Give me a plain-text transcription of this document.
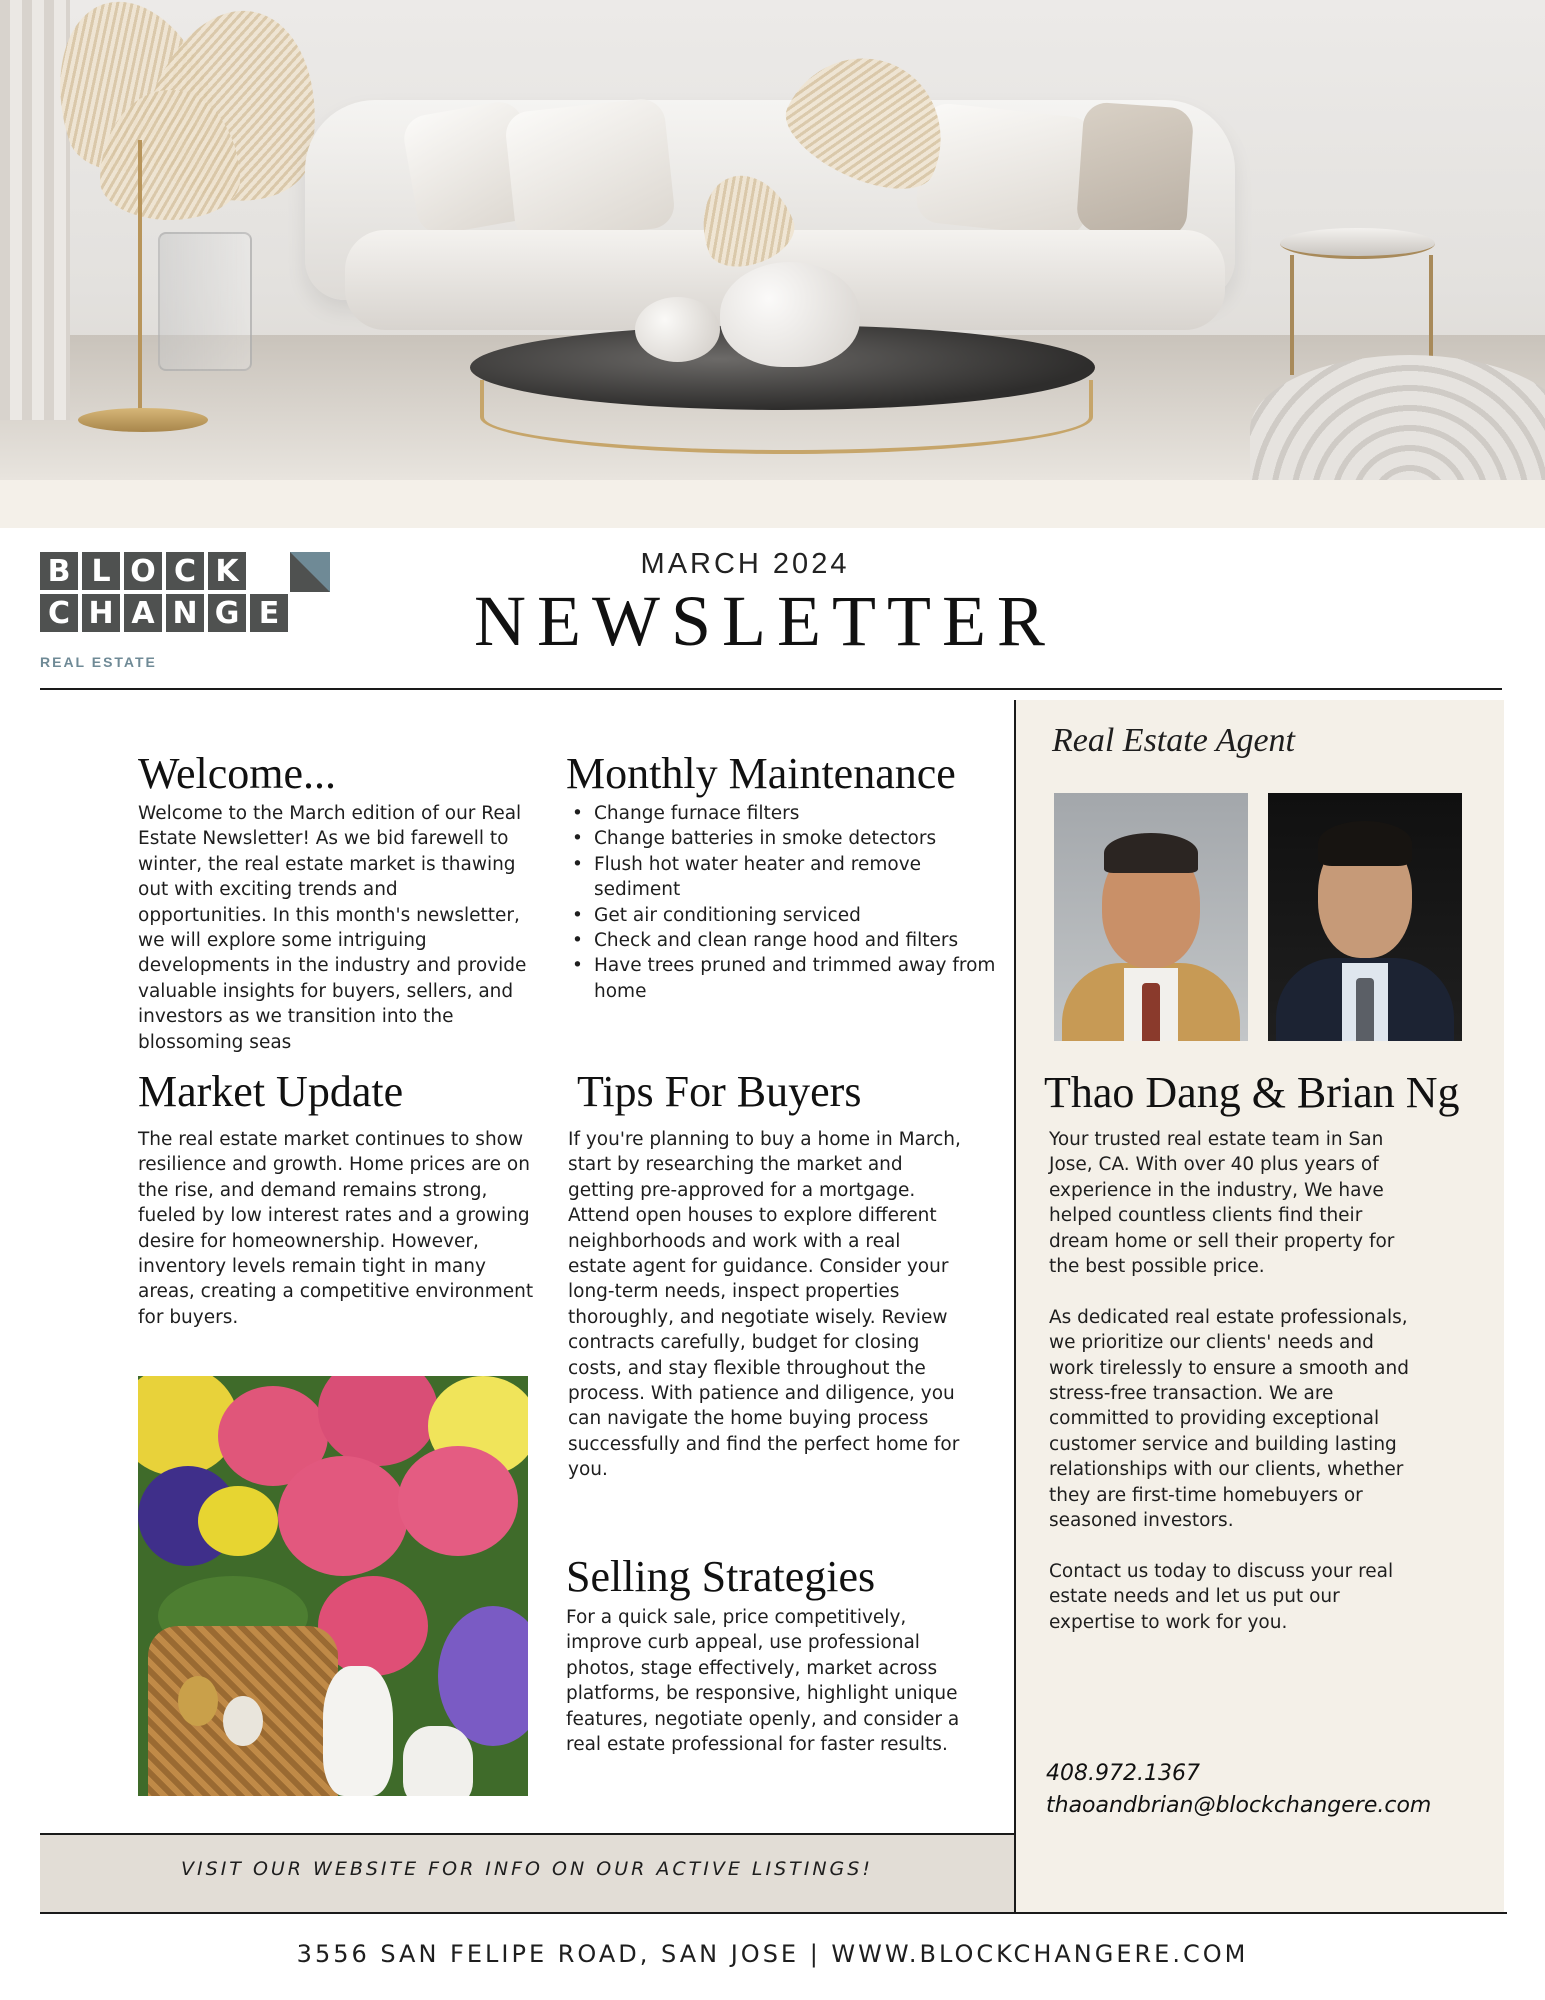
B L O C K
C H A N G E
REAL ESTATE
MARCH 2024
NEWSLETTER
Welcome...
Welcome to the March edition of our Real Estate Newsletter! As we bid farewell to winter, the real estate market is thawing out with exciting trends and opportunities. In this month's newsletter, we will explore some intriguing developments in the industry and provide valuable insights for buyers, sellers, and investors as we transition into the blossoming seas
Market Update
The real estate market continues to show resilience and growth. Home prices are on the rise, and demand remains strong, fueled by low interest rates and a growing desire for homeownership. However, inventory levels remain tight in many areas, creating a competitive environment for buyers.
Monthly Maintenance
• Change furnace filters
• Change batteries in smoke detectors
• Flush hot water heater and remove sediment
• Get air conditioning serviced
• Check and clean range hood and filters
• Have trees pruned and trimmed away from home
Tips For Buyers
If you're planning to buy a home in March, start by researching the market and getting pre-approved for a mortgage. Attend open houses to explore different neighborhoods and work with a real estate agent for guidance. Consider your long-term needs, inspect properties thoroughly, and negotiate wisely. Review contracts carefully, budget for closing costs, and stay flexible throughout the process. With patience and diligence, you can navigate the home buying process successfully and find the perfect home for you.
Selling Strategies
For a quick sale, price competitively, improve curb appeal, use professional photos, stage effectively, market across platforms, be responsive, highlight unique features, negotiate openly, and consider a real estate professional for faster results.
Real Estate Agent
Thao Dang & Brian Ng

Your trusted real estate team in San Jose, CA. With over 40 plus years of experience in the industry, We have helped countless clients find their dream home or sell their property for the best possible price.

As dedicated real estate professionals, we prioritize our clients' needs and work tirelessly to ensure a smooth and stress-free transaction. We are committed to providing exceptional customer service and building lasting relationships with our clients, whether they are first-time homebuyers or seasoned investors.

Contact us today to discuss your real estate needs and let us put our expertise to work for you.

408.972.1367
thaoandbrian@blockchangere.com
VISIT OUR WEBSITE FOR INFO ON OUR ACTIVE LISTINGS!
3556 SAN FELIPE ROAD, SAN JOSE | WWW.BLOCKCHANGERE.COM
